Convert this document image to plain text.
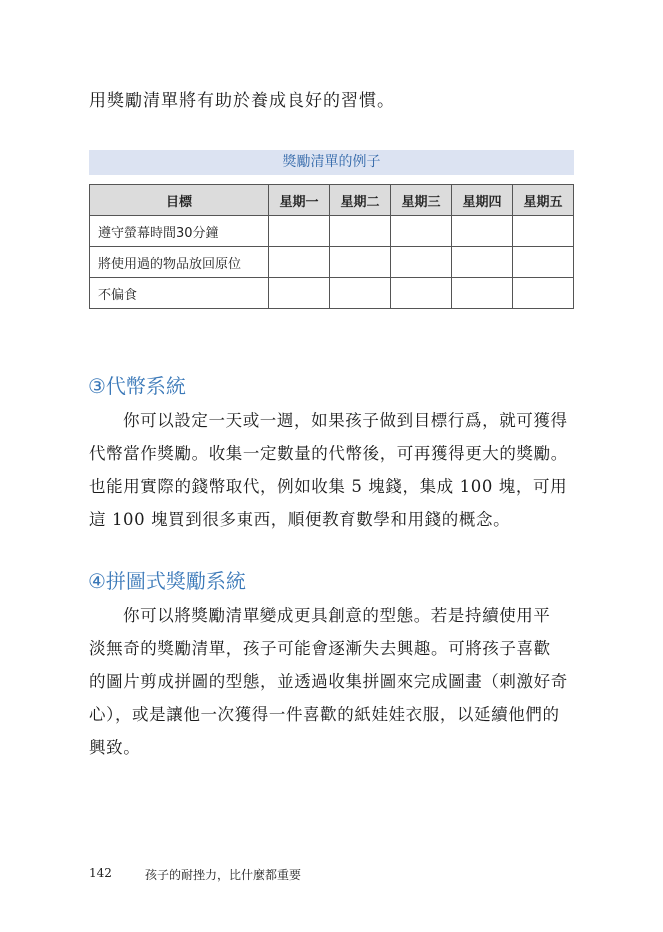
用獎勵清單將有助於養成良好的習慣。
獎勵清單的例子
目標	星期一	星期二	星期三	星期四	星期五
遵守螢幕時間30分鐘					
將使用過的物品放回原位					
不偏食					
③代幣系統
你可以設定一天或一週，如果孩子做到目標行爲，就可獲得
代幣當作獎勵。收集一定數量的代幣後，可再獲得更大的獎勵。
也能用實際的錢幣取代，例如收集 5 塊錢，集成 100 塊，可用
這 100 塊買到很多東西，順便教育數學和用錢的概念。
④拼圖式獎勵系統
你可以將獎勵清單變成更具創意的型態。若是持續使用平
淡無奇的獎勵清單，孩子可能會逐漸失去興趣。可將孩子喜歡
的圖片剪成拼圖的型態，並透過收集拼圖來完成圖畫（刺激好奇
心），或是讓他一次獲得一件喜歡的紙娃娃衣服，以延續他們的
興致。
142	孩子的耐挫力，比什麼都重要
